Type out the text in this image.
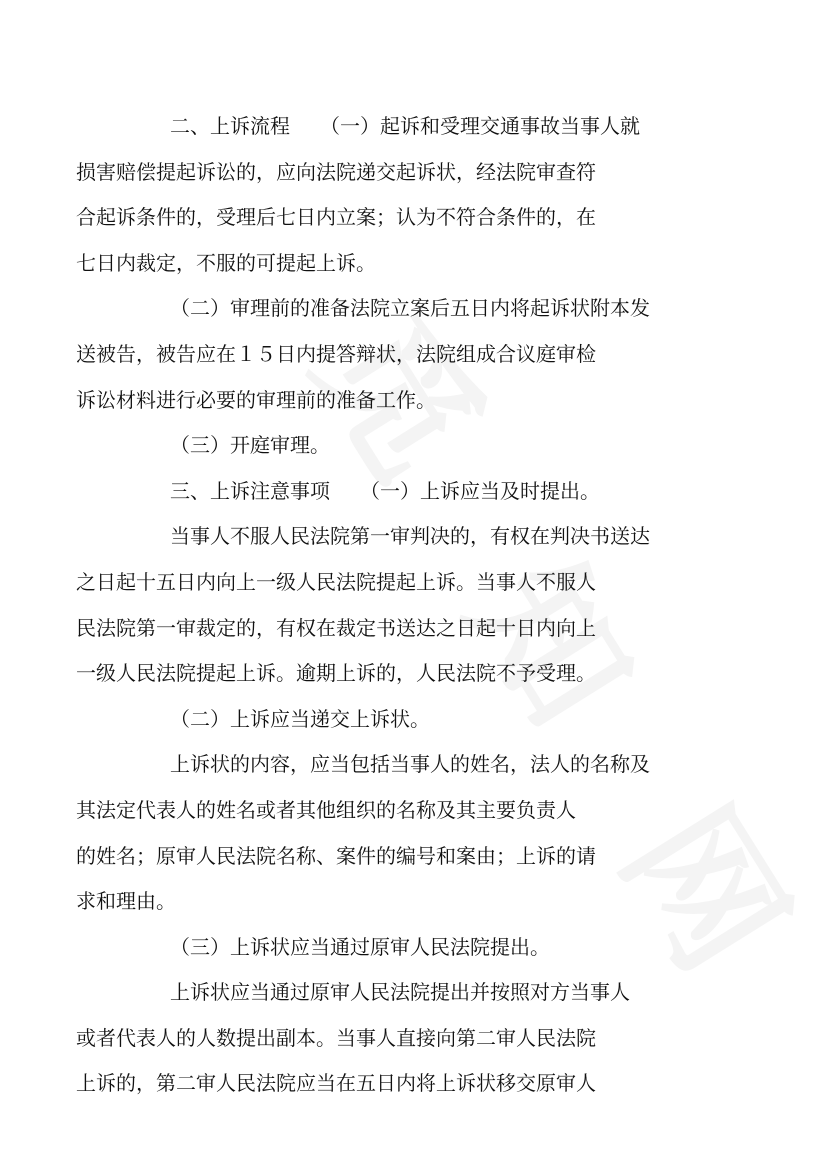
二、上诉流程　　（一）起诉和受理交通事故当事人就
损害赔偿提起诉讼的，应向法院递交起诉状，经法院审查符
合起诉条件的，受理后七日内立案；认为不符合条件的，在
七日内裁定，不服的可提起上诉。
（二）审理前的准备法院立案后五日内将起诉状附本发
送被告，被告应在１５日内提答辩状，法院组成合议庭审检
诉讼材料进行必要的审理前的准备工作。
（三）开庭审理。
三、上诉注意事项　　（一）上诉应当及时提出。
当事人不服人民法院第一审判决的，有权在判决书送达
之日起十五日内向上一级人民法院提起上诉。当事人不服人
民法院第一审裁定的，有权在裁定书送达之日起十日内向上
一级人民法院提起上诉。逾期上诉的，人民法院不予受理。
（二）上诉应当递交上诉状。
上诉状的内容，应当包括当事人的姓名，法人的名称及
其法定代表人的姓名或者其他组织的名称及其主要负责人
的姓名；原审人民法院名称、案件的编号和案由；上诉的请
求和理由。
（三）上诉状应当通过原审人民法院提出。
上诉状应当通过原审人民法院提出并按照对方当事人
或者代表人的人数提出副本。当事人直接向第二审人民法院
上诉的，第二审人民法院应当在五日内将上诉状移交原审人
